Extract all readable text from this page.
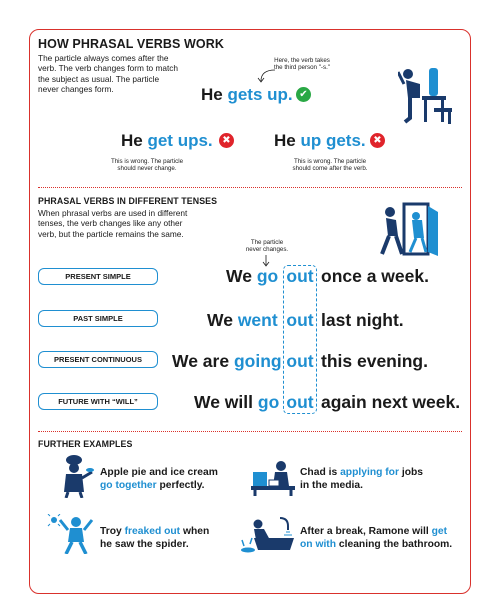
HOW PHRASAL VERBS WORK
The particle always comes after the verb. The verb changes form to match the subject as usual. The particle never changes form.
Here, the verb takes
the third person "-s."
He gets up. ✔
He get ups. ✖
This is wrong. The particle
should never change.
He up gets. ✖
This is wrong. The particle
should come after the verb.
PHRASAL VERBS IN DIFFERENT TENSES
When phrasal verbs are used in different tenses, the verb changes like any other verb, but the particle remains the same.
The particle
never changes.
PRESENT SIMPLE	We go out once a week.
PAST SIMPLE	We went out last night.
PRESENT CONTINUOUS	We are going out this evening.
FUTURE WITH “WILL”	We will go out again next week.
FURTHER EXAMPLES
Apple pie and ice cream
go together perfectly.
Chad is applying for jobs
in the media.
Troy freaked out when
he saw the spider.
After a break, Ramone will get
on with cleaning the bathroom.
